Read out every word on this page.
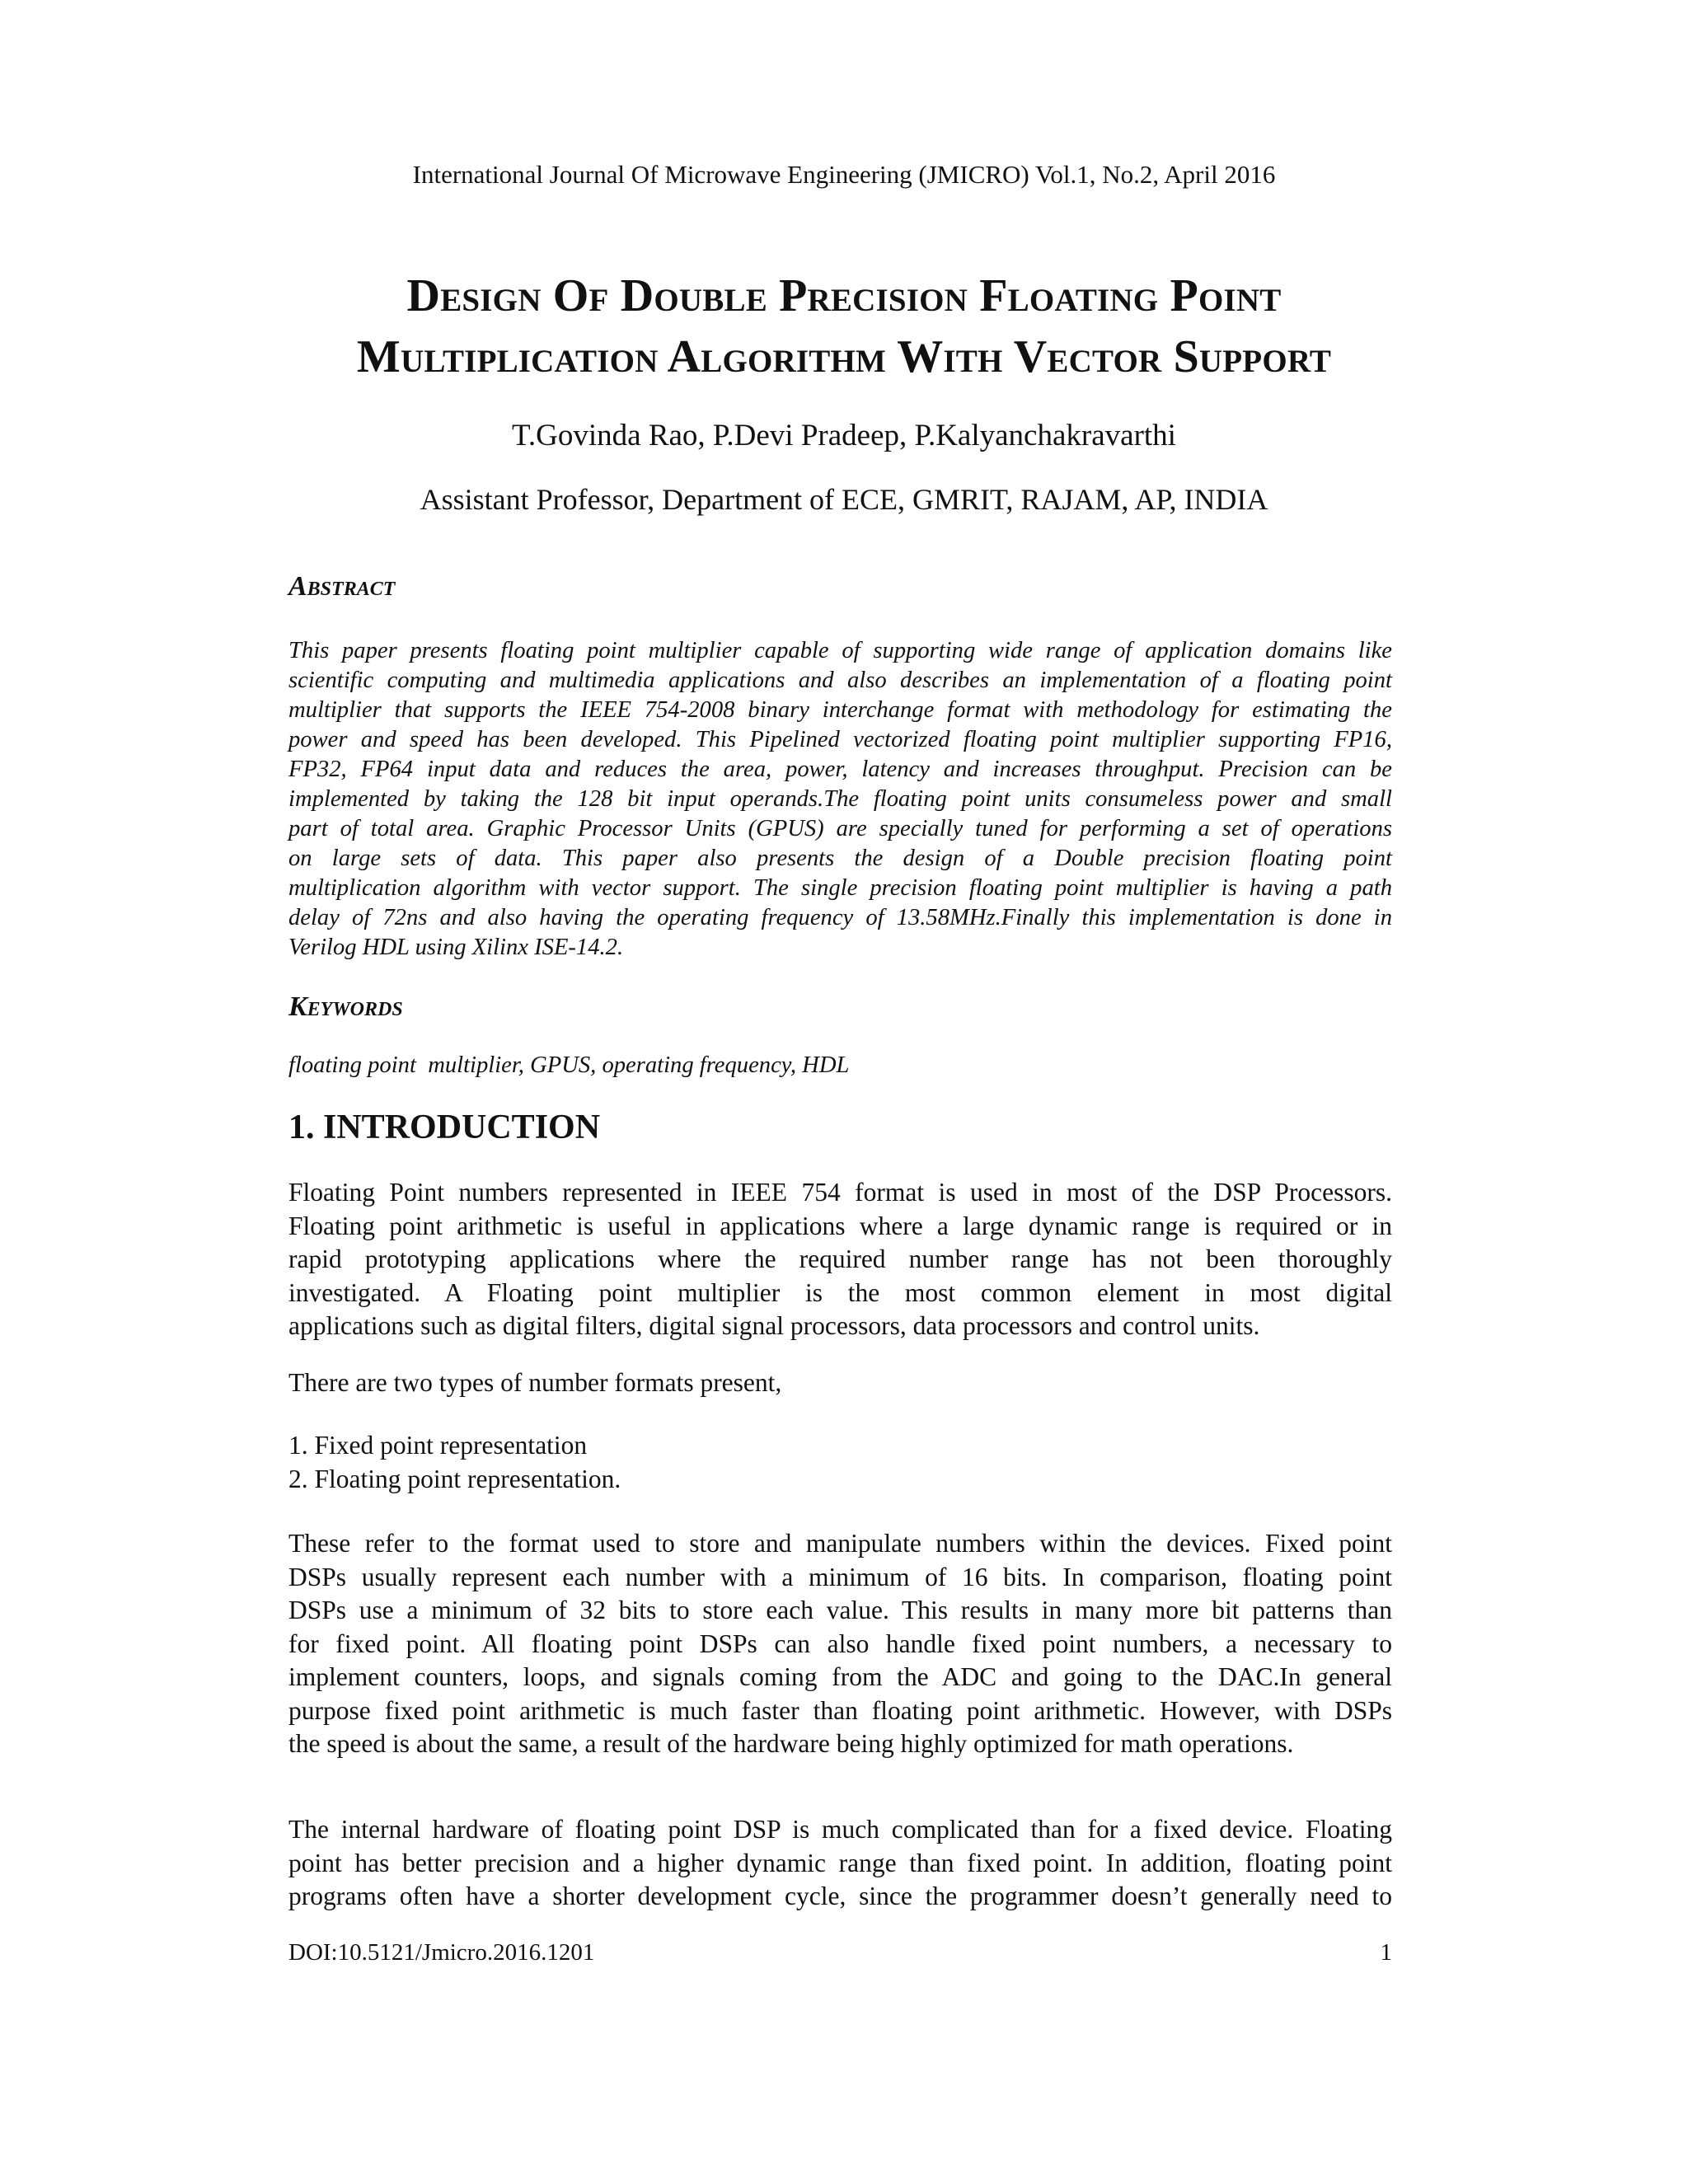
International Journal Of Microwave Engineering (JMICRO) Vol.1, No.2, April 2016
Design Of Double Precision Floating Point
Multiplication Algorithm With Vector Support
T.Govinda Rao, P.Devi Pradeep, P.Kalyanchakravarthi
Assistant Professor, Department of ECE, GMRIT, RAJAM, AP, INDIA
Abstract
This paper presents floating point multiplier capable of supporting wide range of application domains like
scientific computing and multimedia applications and also describes an implementation of a floating point
multiplier that supports the IEEE 754-2008 binary interchange format with methodology for estimating the
power and speed has been developed. This Pipelined vectorized floating point multiplier supporting FP16,
FP32, FP64 input data and reduces the area, power, latency and increases throughput. Precision can be
implemented by taking the 128 bit input operands.The floating point units consumeless power and small
part of total area. Graphic Processor Units (GPUS) are specially tuned for performing a set of operations
on large sets of data. This paper also presents the design of a Double precision floating point
multiplication algorithm with vector support. The single precision floating point multiplier is having a path
delay of 72ns and also having the operating frequency of 13.58MHz.Finally this implementation is done in
Verilog HDL using Xilinx ISE-14.2.
Keywords
floating point  multiplier, GPUS, operating frequency, HDL
1. INTRODUCTION
Floating Point numbers represented in IEEE 754 format is used in most of the DSP Processors.
Floating point arithmetic is useful in applications where a large dynamic range is required or in
rapid prototyping applications where the required number range has not been thoroughly
investigated. A Floating point multiplier is the most common element in most digital
applications such as digital filters, digital signal processors, data processors and control units.
There are two types of number formats present,
1. Fixed point representation
2. Floating point representation.
These refer to the format used to store and manipulate numbers within the devices. Fixed point
DSPs usually represent each number with a minimum of 16 bits. In comparison, floating point
DSPs use a minimum of 32 bits to store each value. This results in many more bit patterns than
for fixed point. All floating point DSPs can also handle fixed point numbers, a necessary to
implement counters, loops, and signals coming from the ADC and going to the DAC.In general
purpose fixed point arithmetic is much faster than floating point arithmetic. However, with DSPs
the speed is about the same, a result of the hardware being highly optimized for math operations.
The internal hardware of floating point DSP is much complicated than for a fixed device. Floating
point has better precision and a higher dynamic range than fixed point. In addition, floating point
programs often have a shorter development cycle, since the programmer doesn’t generally need to
DOI:10.5121/Jmicro.2016.1201	1
